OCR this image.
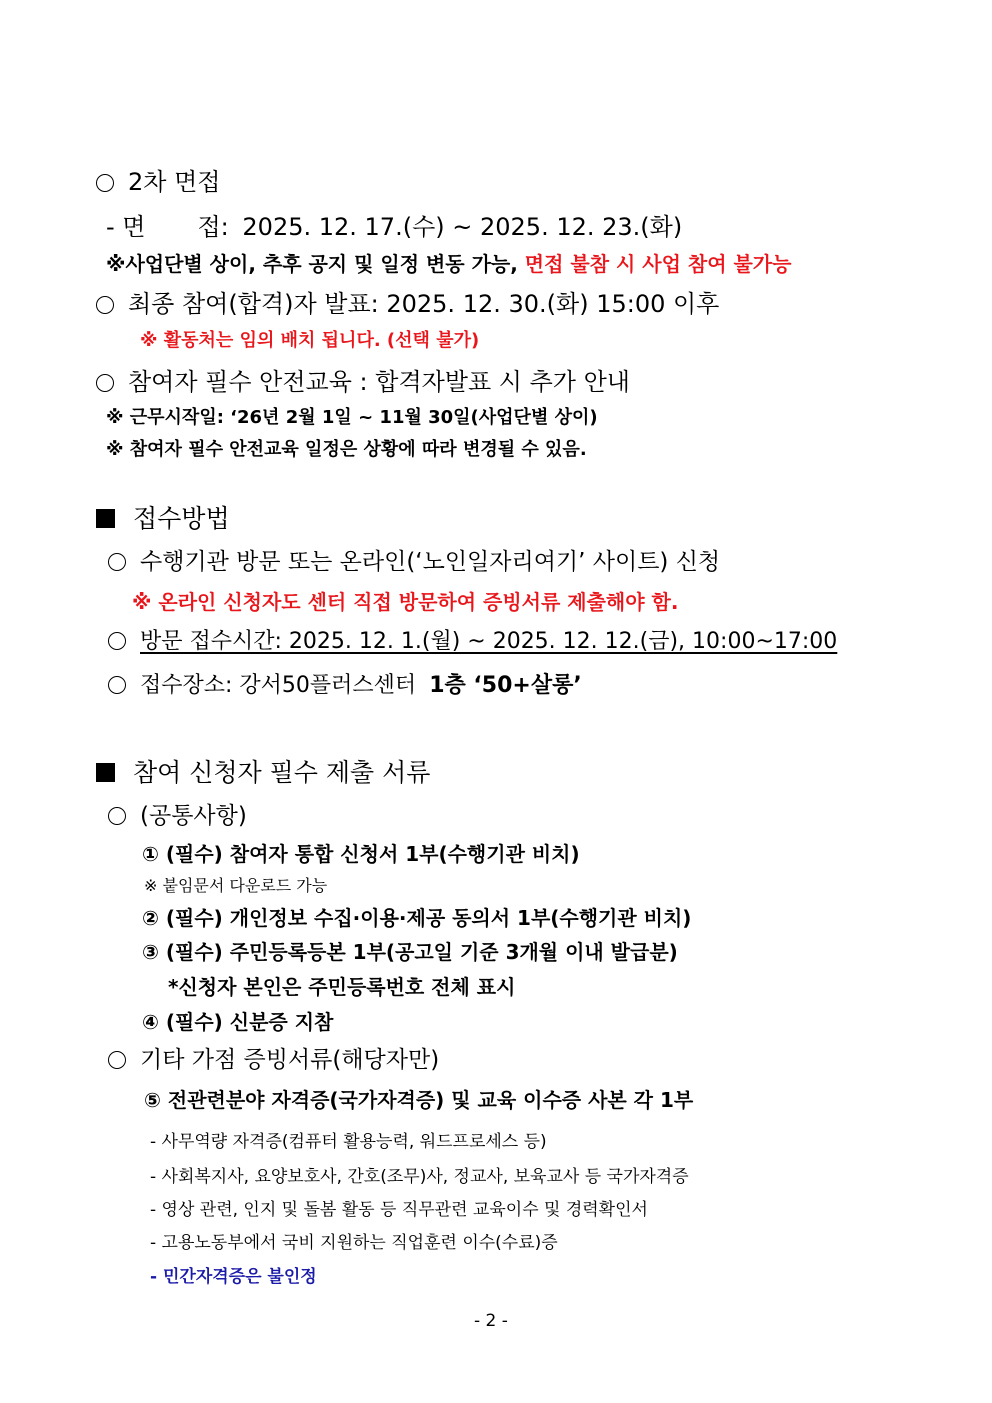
2차 면접
- 면 접: 2025. 12. 17.(수) ~ 2025. 12. 23.(화)
※사업단별 상이, 추후 공지 및 일정 변동 가능, 면접 불참 시 사업 참여 불가능
최종 참여(합격)자 발표: 2025. 12. 30.(화) 15:00 이후
※ 활동처는 임의 배치 됩니다. (선택 불가)
참여자 필수 안전교육 : 합격자발표 시 추가 안내
※ 근무시작일: ‘26년 2월 1일 ~ 11월 30일(사업단별 상이)
※ 참여자 필수 안전교육 일정은 상황에 따라 변경될 수 있음.
접수방법
수행기관 방문 또는 온라인(‘노인일자리여기’ 사이트) 신청
※ 온라인 신청자도 센터 직접 방문하여 증빙서류 제출해야 함.
방문 접수시간: 2025. 12. 1.(월) ~ 2025. 12. 12.(금), 10:00~17:00
접수장소: 강서50플러스센터 1층 ‘50+살롱’
참여 신청자 필수 제출 서류
(공통사항)
① (필수) 참여자 통합 신청서 1부(수행기관 비치)
※ 붙임문서 다운로드 가능
② (필수) 개인정보 수집·이용·제공 동의서 1부(수행기관 비치)
③ (필수) 주민등록등본 1부(공고일 기준 3개월 이내 발급분)
*신청자 본인은 주민등록번호 전체 표시
④ (필수) 신분증 지참
기타 가점 증빙서류(해당자만)
⑤ 전관련분야 자격증(국가자격증) 및 교육 이수증 사본 각 1부
- 사무역량 자격증(컴퓨터 활용능력, 워드프로세스 등)
- 사회복지사, 요양보호사, 간호(조무)사, 정교사, 보육교사 등 국가자격증
- 영상 관련, 인지 및 돌봄 활동 등 직무관련 교육이수 및 경력확인서
- 고용노동부에서 국비 지원하는 직업훈련 이수(수료)증
- 민간자격증은 불인정
- 2 -
